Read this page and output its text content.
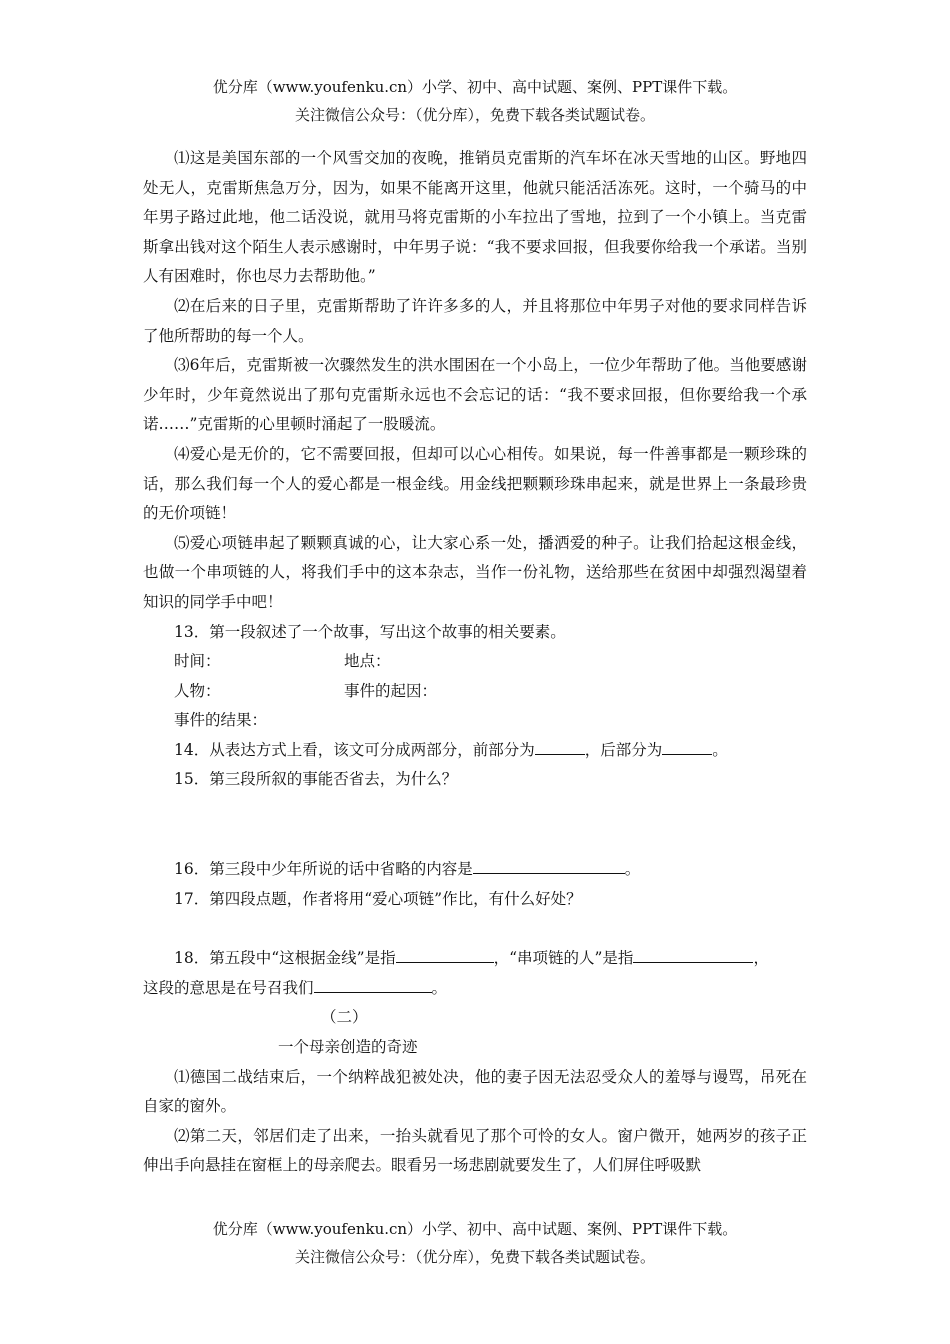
优分库（www.youfenku.cn）小学、初中、高中试题、案例、PPT课件下载。
关注微信公众号：（优分库），免费下载各类试题试卷。

⑴这是美国东部的一个风雪交加的夜晚，推销员克雷斯的汽车坏在冰天雪地的山区。野地四处无人，克雷斯焦急万分，因为，如果不能离开这里，他就只能活活冻死。这时，一个骑马的中年男子路过此地，他二话没说，就用马将克雷斯的小车拉出了雪地，拉到了一个小镇上。当克雷斯拿出钱对这个陌生人表示感谢时，中年男子说：“我不要求回报，但我要你给我一个承诺。当别人有困难时，你也尽力去帮助他。”

⑵在后来的日子里，克雷斯帮助了许许多多的人，并且将那位中年男子对他的要求同样告诉了他所帮助的每一个人。

⑶6年后，克雷斯被一次骤然发生的洪水围困在一个小岛上，一位少年帮助了他。当他要感谢少年时，少年竟然说出了那句克雷斯永远也不会忘记的话：“我不要求回报，但你要给我一个承诺……”克雷斯的心里顿时涌起了一股暖流。

⑷爱心是无价的，它不需要回报，但却可以心心相传。如果说，每一件善事都是一颗珍珠的话，那么我们每一个人的爱心都是一根金线。用金线把颗颗珍珠串起来，就是世界上一条最珍贵的无价项链！

⑸爱心项链串起了颗颗真诚的心，让大家心系一处，播洒爱的种子。让我们拾起这根金线，也做一个串项链的人，将我们手中的这本杂志，当作一份礼物，送给那些在贫困中却强烈渴望着知识的同学手中吧！

13．第一段叙述了一个故事，写出这个故事的相关要素。

时间：	地点：
人物：	事件的起因：

事件的结果：

14．从表达方式上看，该文可分成两部分，前部分为	，后部分为	。

15．第三段所叙的事能否省去，为什么？

16．第三段中少年所说的话中省略的内容是	。

17．第四段点题，作者将用“爱心项链”作比，有什么好处？

18．第五段中“这根据金线”是指	，“串项链的人”是指	，

这段的意思是在号召我们	。

（二）

一个母亲创造的奇迹

⑴德国二战结束后，一个纳粹战犯被处决，他的妻子因无法忍受众人的羞辱与谩骂，吊死在自家的窗外。

⑵第二天，邻居们走了出来，一抬头就看见了那个可怜的女人。窗户微开，她两岁的孩子正伸出手向悬挂在窗框上的母亲爬去。眼看另一场悲剧就要发生了，人们屏住呼吸默

优分库（www.youfenku.cn）小学、初中、高中试题、案例、PPT课件下载。
关注微信公众号：（优分库），免费下载各类试题试卷。
